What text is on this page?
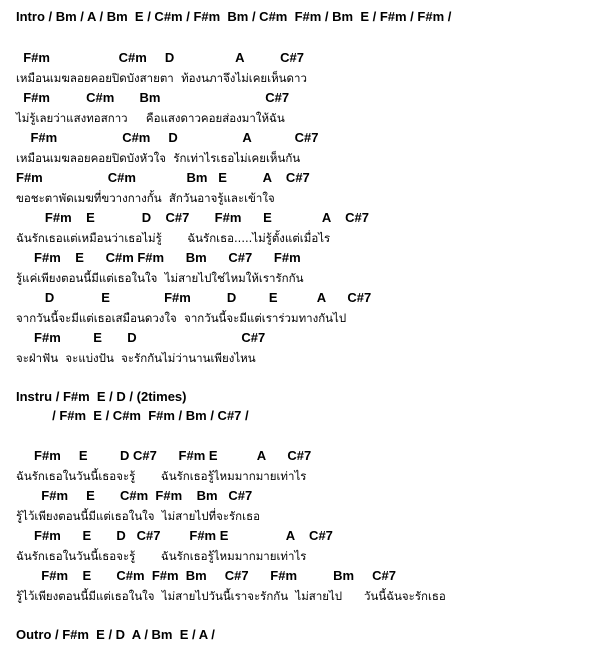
Intro / Bm / A / Bm  E / C#m / F#m  Bm / C#m  F#m / Bm  E / F#m / F#m /

F#m                   C#m     D                 A          C#7

เหมือนเมฆลอยคอยปิดบังสายตา  ท้องนภาจึงไม่เคยเห็นดาว

F#m          C#m       Bm                             C#7

ไม่รู้เลยว่าแสงทอสกาว     คือแสงดาวคอยส่องมาให้ฉัน

F#m                  C#m     D                  A            C#7

เหมือนเมฆลอยคอยปิดบังหัวใจ  รักเท่าไรเธอไม่เคยเห็นกัน

F#m                  C#m              Bm   E          A    C#7

ขอชะตาพัดเมฆที่ขวางกางกั้น  สักวันอาจรู้และเข้าใจ

F#m    E             D    C#7       F#m      E              A    C#7

ฉันรักเธอแต่เหมือนว่าเธอไม่รู้       ฉันรักเธอ.....ไม่รู้ตั้งแต่เมื่อไร

F#m    E      C#m F#m      Bm      C#7      F#m

รู้แค่เพียงตอนนี้มีแต่เธอในใจ  ไม่สายไปใช่ไหมให้เรารักกัน

D             E               F#m          D         E           A      C#7

จากวันนี้จะมีแต่เธอเสมือนดวงใจ  จากวันนี้จะมีแต่เราร่วมทางกันไป

F#m         E       D                             C#7

จะฝ่าฟัน  จะแบ่งปัน  จะรักกันไม่ว่านานเพียงไหน

Instru / F#m  E / D / (2times)

/ F#m  E / C#m  F#m / Bm / C#7 /

F#m     E         D C#7      F#m E           A      C#7

ฉันรักเธอในวันนี้เธอจะรู้       ฉันรักเธอรู้ไหมมากมายเท่าไร

F#m     E       C#m  F#m    Bm   C#7

รู้ไว้เพียงตอนนี้มีแต่เธอในใจ  ไม่สายไปที่จะรักเธอ

F#m      E       D   C#7        F#m E                A    C#7

ฉันรักเธอในวันนี้เธอจะรู้       ฉันรักเธอรู้ไหมมากมายเท่าไร

F#m    E       C#m  F#m  Bm     C#7      F#m          Bm     C#7

รู้ไว้เพียงตอนนี้มีแต่เธอในใจ  ไม่สายไปวันนี้เราจะรักกัน  ไม่สายไป      วันนี้ฉันจะรักเธอ

Outro / F#m  E / D  A / Bm  E / A /
